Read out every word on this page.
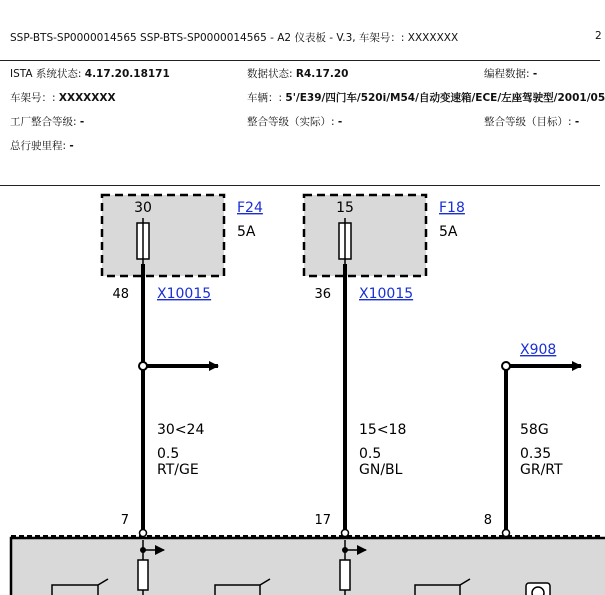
SSP-BTS-SP0000014565 SSP-BTS-SP0000014565 - A2 仪表板 - V.3, 车架号：: XXXXXXX	2
ISTA 系统状态: 4.17.20.18171	数据状态: R4.17.20	编程数据: -
车架号：: XXXXXXX	车辆：: 5'/E39/四门车/520i/M54/自动变速箱/ECE/左座驾驶型/2001/05
工厂整合等级: -	整合等级（实际）: -	整合等级（目标）: -
总行驶里程: -
30	F24
5A
15	F18
5A
48 X10015	36 X10015
30<24
0.5
RT/GE
7
15<18
0.5
GN/BL
17
X908
58G
0.35
GR/RT
8
